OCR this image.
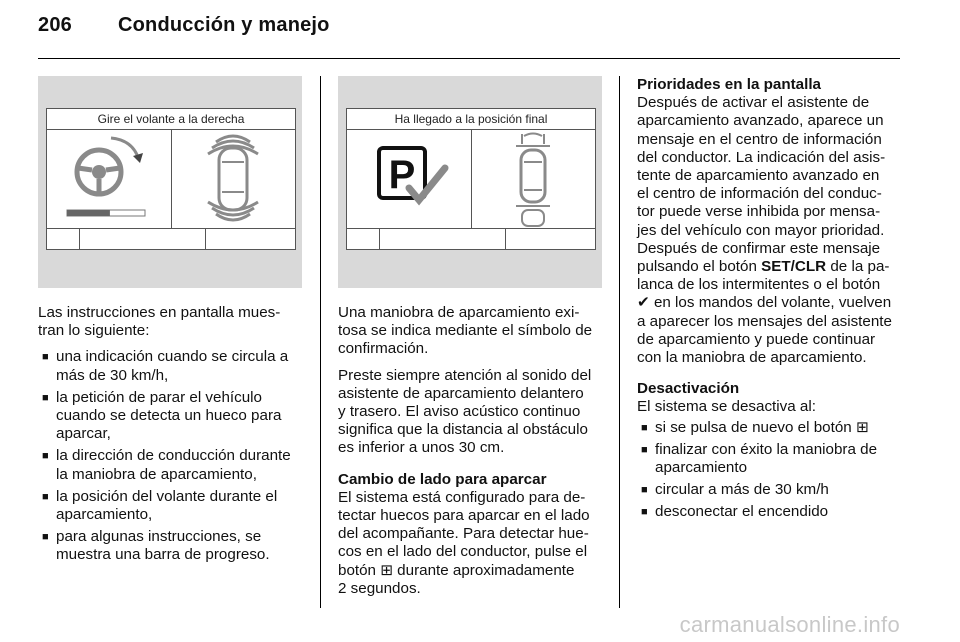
206 Conducción y manejo
Gire el volante a la derecha	Ha llegado a la posición final
P

Las instrucciones en pantalla mues-
tran lo siguiente:

■ una indicación cuando se circula a
más de 30 km/h,
■ la petición de parar el vehículo
cuando se detecta un hueco para
aparcar,
■ la dirección de conducción durante
la maniobra de aparcamiento,
■ la posición del volante durante el
aparcamiento,
■ para algunas instrucciones, se
muestra una barra de progreso.

Una maniobra de aparcamiento exi-
tosa se indica mediante el símbolo de
confirmación.

Preste siempre atención al sonido del
asistente de aparcamiento delantero
y trasero. El aviso acústico continuo
significa que la distancia al obstáculo
es inferior a unos 30 cm.

Cambio de lado para aparcar
El sistema está configurado para de-
tectar huecos para aparcar en el lado
del acompañante. Para detectar hue-
cos en el lado del conductor, pulse el
botón ⊞ durante aproximadamente
2 segundos.

Prioridades en la pantalla
Después de activar el asistente de
aparcamiento avanzado, aparece un
mensaje en el centro de información
del conductor. La indicación del asis-
tente de aparcamiento avanzado en
el centro de información del conduc-
tor puede verse inhibida por mensa-
jes del vehículo con mayor prioridad.
Después de confirmar este mensaje
pulsando el botón SET/CLR de la pa-
lanca de los intermitentes o el botón
✔ en los mandos del volante, vuelven
a aparecer los mensajes del asistente
de aparcamiento y puede continuar
con la maniobra de aparcamiento.

Desactivación
El sistema se desactiva al:

■ si se pulsa de nuevo el botón ⊞
■ finalizar con éxito la maniobra de
aparcamiento
■ circular a más de 30 km/h
■ desconectar el encendido
carmanualsonline.info
